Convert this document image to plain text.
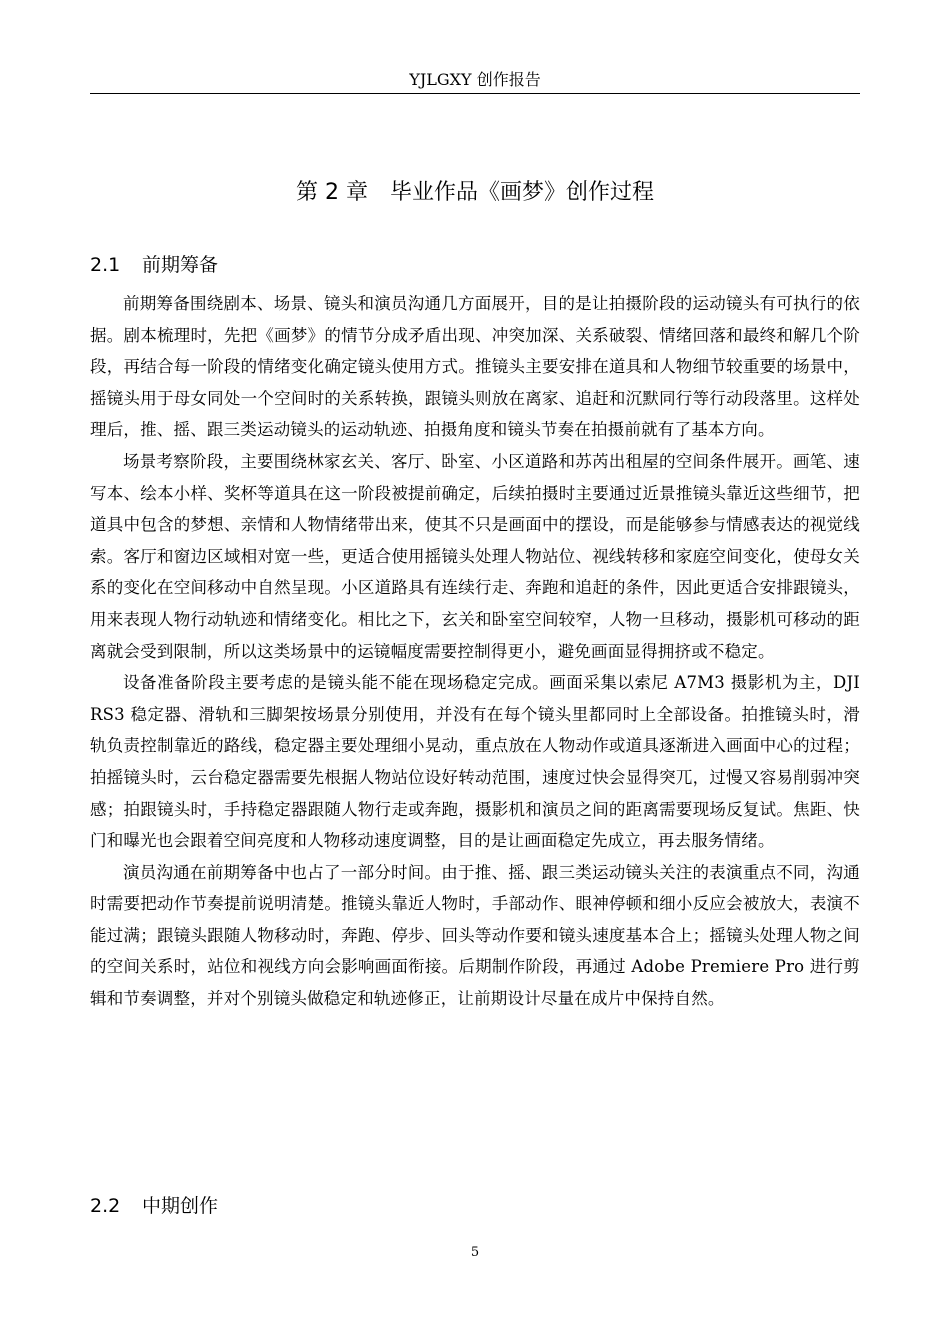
YJLGXY 创作报告
第 2 章　毕业作品《画梦》创作过程
2.1 前期筹备

前期筹备围绕剧本、场景、镜头和演员沟通几方面展开，目的是让拍摄阶段的运动镜头有可执行的依据。剧本梳理时，先把《画梦》的情节分成矛盾出现、冲突加深、关系破裂、情绪回落和最终和解几个阶段，再结合每一阶段的情绪变化确定镜头使用方式。推镜头主要安排在道具和人物细节较重要的场景中，摇镜头用于母女同处一个空间时的关系转换，跟镜头则放在离家、追赶和沉默同行等行动段落里。这样处理后，推、摇、跟三类运动镜头的运动轨迹、拍摄角度和镜头节奏在拍摄前就有了基本方向。

场景考察阶段，主要围绕林家玄关、客厅、卧室、小区道路和苏芮出租屋的空间条件展开。画笔、速写本、绘本小样、奖杯等道具在这一阶段被提前确定，后续拍摄时主要通过近景推镜头靠近这些细节，把道具中包含的梦想、亲情和人物情绪带出来，使其不只是画面中的摆设，而是能够参与情感表达的视觉线索。客厅和窗边区域相对宽一些，更适合使用摇镜头处理人物站位、视线转移和家庭空间变化，使母女关系的变化在空间移动中自然呈现。小区道路具有连续行走、奔跑和追赶的条件，因此更适合安排跟镜头，用来表现人物行动轨迹和情绪变化。相比之下，玄关和卧室空间较窄，人物一旦移动，摄影机可移动的距离就会受到限制，所以这类场景中的运镜幅度需要控制得更小，避免画面显得拥挤或不稳定。

设备准备阶段主要考虑的是镜头能不能在现场稳定完成。画面采集以索尼 A7M3 摄影机为主，DJI RS3 稳定器、滑轨和三脚架按场景分别使用，并没有在每个镜头里都同时上全部设备。拍推镜头时，滑轨负责控制靠近的路线，稳定器主要处理细小晃动，重点放在人物动作或道具逐渐进入画面中心的过程；拍摇镜头时，云台稳定器需要先根据人物站位设好转动范围，速度过快会显得突兀，过慢又容易削弱冲突感；拍跟镜头时，手持稳定器跟随人物行走或奔跑，摄影机和演员之间的距离需要现场反复试。焦距、快门和曝光也会跟着空间亮度和人物移动速度调整，目的是让画面稳定先成立，再去服务情绪。

演员沟通在前期筹备中也占了一部分时间。由于推、摇、跟三类运动镜头关注的表演重点不同，沟通时需要把动作节奏提前说明清楚。推镜头靠近人物时，手部动作、眼神停顿和细小反应会被放大，表演不能过满；跟镜头跟随人物移动时，奔跑、停步、回头等动作要和镜头速度基本合上；摇镜头处理人物之间的空间关系时，站位和视线方向会影响画面衔接。后期制作阶段，再通过 Adobe Premiere Pro 进行剪辑和节奏调整，并对个别镜头做稳定和轨迹修正，让前期设计尽量在成片中保持自然。

2.2 中期创作
5
